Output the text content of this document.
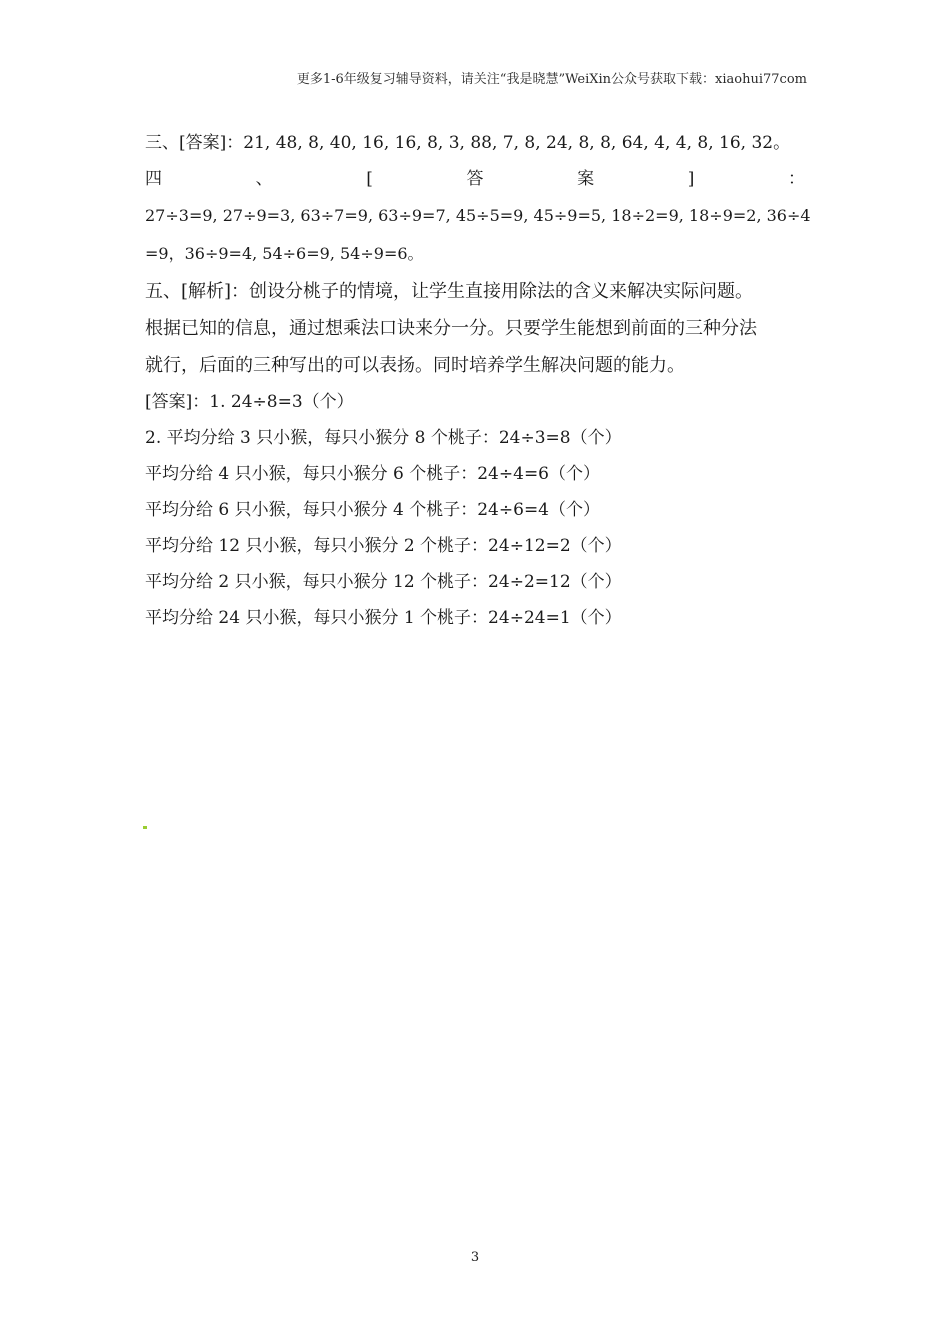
更多1-6年级复习辅导资料，请关注“我是晓慧”WeiXin公众号获取下载：xiaohui77com
三、[答案]：21, 48, 8, 40, 16, 16, 8, 3, 88, 7, 8, 24, 8, 8, 64, 4, 4, 8, 16, 32。
四	、	[	答	案	]	：
27÷3=9, 27÷9=3, 63÷7=9, 63÷9=7, 45÷5=9, 45÷9=5, 18÷2=9, 18÷9=2, 36÷4
=9，36÷9=4, 54÷6=9, 54÷9=6。
五、[解析]：创设分桃子的情境，让学生直接用除法的含义来解决实际问题。
根据已知的信息，通过想乘法口诀来分一分。只要学生能想到前面的三种分法
就行，后面的三种写出的可以表扬。同时培养学生解决问题的能力。
[答案]：1. 24÷8=3（个）
2. 平均分给 3 只小猴，每只小猴分 8 个桃子：24÷3=8（个）
平均分给 4 只小猴，每只小猴分 6 个桃子：24÷4=6（个）
平均分给 6 只小猴，每只小猴分 4 个桃子：24÷6=4（个）
平均分给 12 只小猴，每只小猴分 2 个桃子：24÷12=2（个）
平均分给 2 只小猴，每只小猴分 12 个桃子：24÷2=12（个）
平均分给 24 只小猴，每只小猴分 1 个桃子：24÷24=1（个）
3
